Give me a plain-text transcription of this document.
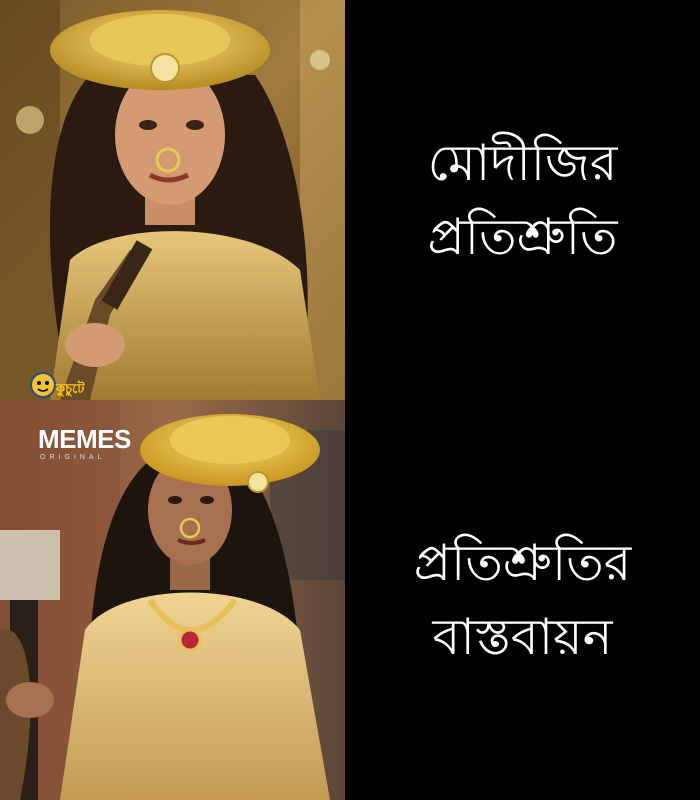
কুচুটে
MEMES
ORIGINAL
মোদীজির
প্রতিশ্রুতি
প্রতিশ্রুতির
বাস্তবায়ন
